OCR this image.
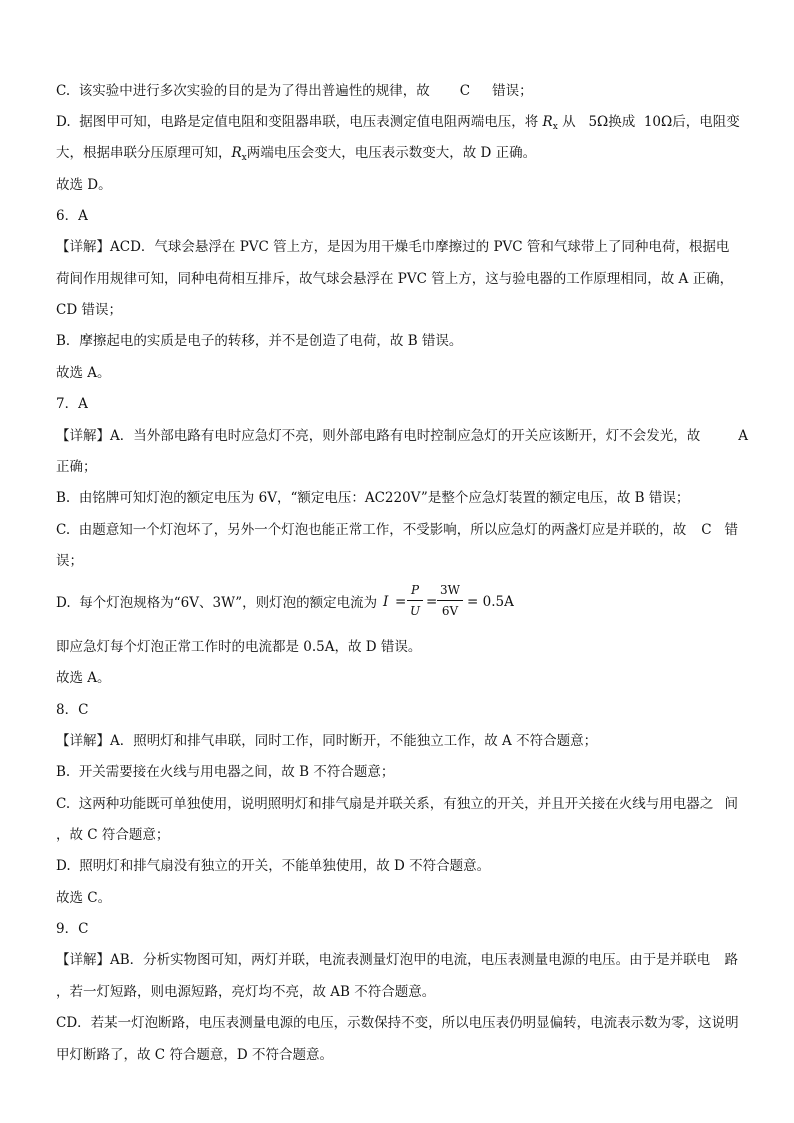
C. 该实验中进行多次实验的目的是为了得出普遍性的规律，故 C 错误；
D. 据图甲可知，电路是定值电阻和变阻器串联，电压表测定值电阻两端电压，将 $R_x$ 从 5Ω换成 10Ω后，电阻变
大，根据串联分压原理可知，$R_x$两端电压会变大，电压表示数变大，故 D 正确。
故选 D。
6．A
【详解】ACD．气球会悬浮在 PVC 管上方，是因为用干燥毛巾摩擦过的 PVC 管和气球带上了同种电荷，根据电
荷间作用规律可知，同种电荷相互排斥，故气球会悬浮在 PVC 管上方，这与验电器的工作原理相同，故 A 正确，
CD 错误；
B．摩擦起电的实质是电子的转移，并不是创造了电荷，故 B 错误。
故选 A。
7．A
【详解】A．当外部电路有电时应急灯不亮，则外部电路有电时控制应急灯的开关应该断开，灯不会发光，故	A
正确；
B. 由铭牌可知灯泡的额定电压为 6V，“额定电压：AC220V”是整个应急灯装置的额定电压，故 B 错误；
C. 由题意知一个灯泡坏了，另外一个灯泡也能正常工作，不受影响，所以应急灯的两盏灯应是并联的，故 C 错
误；
D. 每个灯泡规格为“6V、3W”，则灯泡的额定电流为 I =
P
U
=
3W
6V
= 0.5A
即应急灯每个灯泡正常工作时的电流都是 0.5A，故 D 错误。
故选 A。
8．C
【详解】A．照明灯和排气串联，同时工作，同时断开，不能独立工作，故 A 不符合题意；
B. 开关需要接在火线与用电器之间，故 B 不符合题意；
C. 这两种功能既可单独使用，说明照明灯和排气扇是并联关系，有独立的开关，并且开关接在火线与用电器之 间
，故 C 符合题意；
D. 照明灯和排气扇没有独立的开关，不能单独使用，故 D 不符合题意。
故选 C。
9．C
【详解】AB．分析实物图可知，两灯并联，电流表测量灯泡甲的电流，电压表测量电源的电压。由于是并联电 路
，若一灯短路，则电源短路，亮灯均不亮，故 AB 不符合题意。
CD．若某一灯泡断路，电压表测量电源的电压，示数保持不变，所以电压表仍明显偏转，电流表示数为零，这 说明
甲灯断路了，故 C 符合题意，D 不符合题意。
